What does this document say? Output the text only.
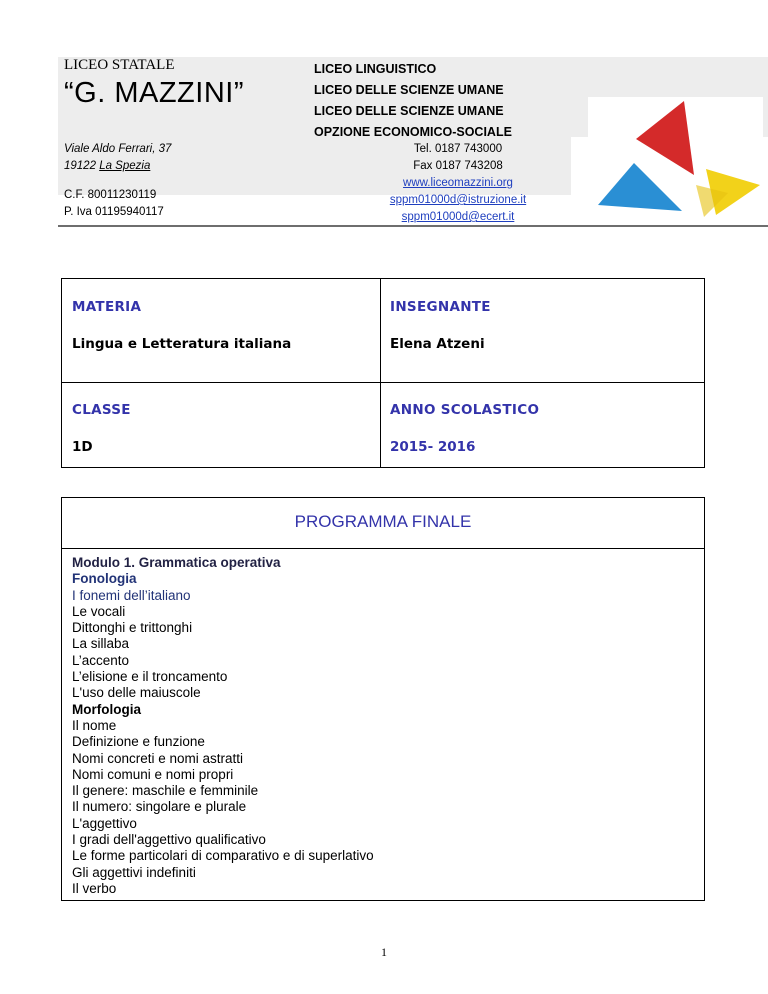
LICEO STATALE
“G. MAZZINI”
LICEO LINGUISTICO
LICEO DELLE SCIENZE UMANE
LICEO DELLE SCIENZE UMANE
OPZIONE ECONOMICO-SOCIALE
Viale Aldo Ferrari, 37
19122 La Spezia
C.F. 80011230119
P. Iva 01195940117
Tel. 0187 743000
Fax 0187 743208
www.liceomazzini.org
sppm01000d@istruzione.it
sppm01000d@ecert.it
MATERIA
Lingua e Letteratura italiana
INSEGNANTE
Elena Atzeni
CLASSE
1D
ANNO SCOLASTICO
2015- 2016
PROGRAMMA FINALE
Modulo 1. Grammatica operativa
Fonologia
I fonemi dell’italiano
Le vocali
Dittonghi e trittonghi
La sillaba
L’accento
L’elisione e il troncamento
L'uso delle maiuscole
Morfologia
Il nome
Definizione e funzione
Nomi concreti e nomi astratti
Nomi comuni e nomi propri
Il genere: maschile e femminile
Il numero: singolare e plurale
L'aggettivo
I gradi dell'aggettivo qualificativo
Le forme particolari di comparativo e di superlativo
Gli aggettivi indefiniti
Il verbo
1
